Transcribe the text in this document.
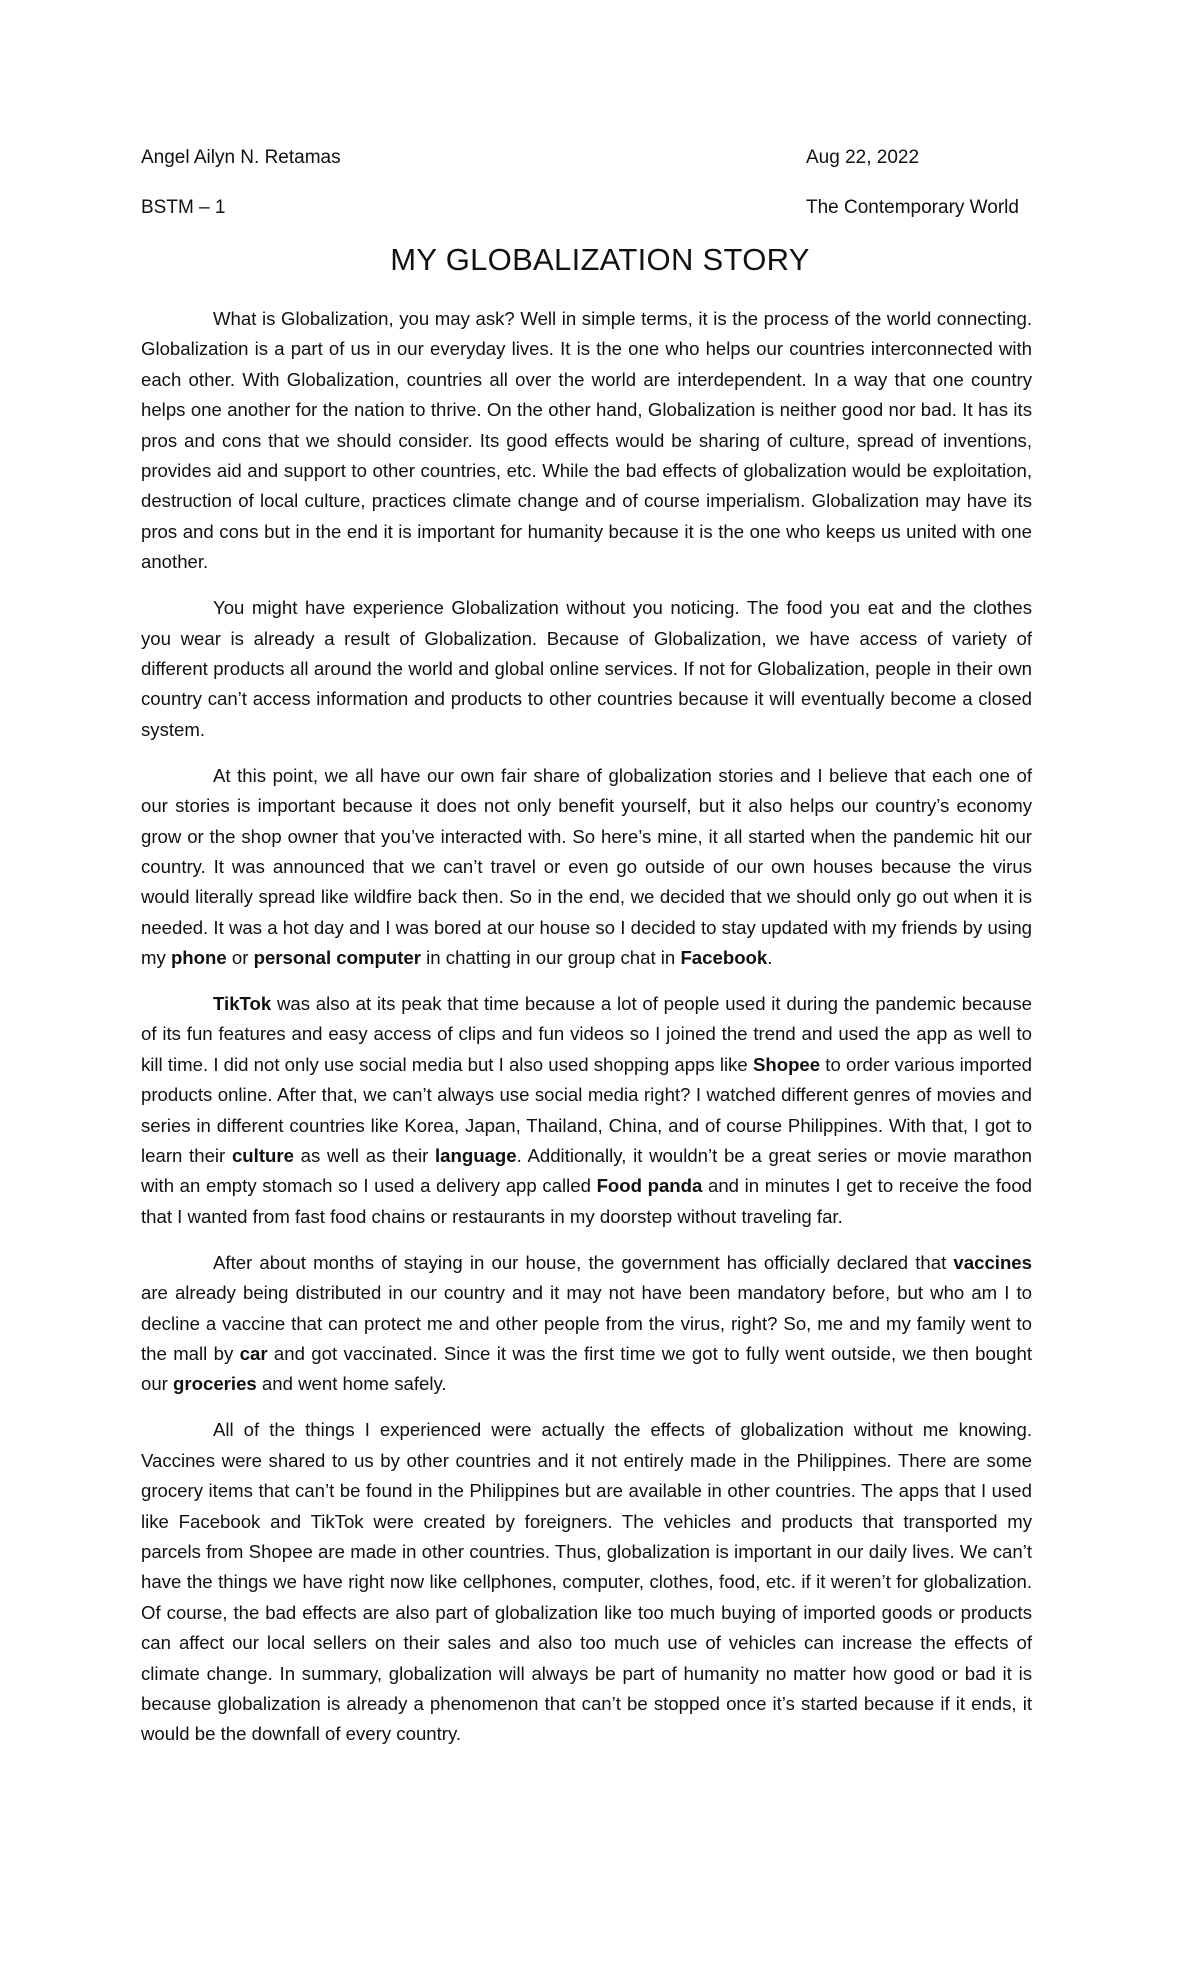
Angel Ailyn N. Retamas	Aug 22, 2022
BSTM – 1	The Contemporary World
MY GLOBALIZATION STORY

What is Globalization, you may ask? Well in simple terms, it is the process of the world connecting. Globalization is a part of us in our everyday lives. It is the one who helps our countries interconnected with each other. With Globalization, countries all over the world are interdependent. In a way that one country helps one another for the nation to thrive. On the other hand, Globalization is neither good nor bad. It has its pros and cons that we should consider. Its good effects would be sharing of culture, spread of inventions, provides aid and support to other countries, etc. While the bad effects of globalization would be exploitation, destruction of local culture, practices climate change and of course imperialism. Globalization may have its pros and cons but in the end it is important for humanity because it is the one who keeps us united with one another.

You might have experience Globalization without you noticing. The food you eat and the clothes you wear is already a result of Globalization. Because of Globalization, we have access of variety of different products all around the world and global online services. If not for Globalization, people in their own country can’t access information and products to other countries because it will eventually become a closed system.

At this point, we all have our own fair share of globalization stories and I believe that each one of our stories is important because it does not only benefit yourself, but it also helps our country’s economy grow or the shop owner that you’ve interacted with. So here’s mine, it all started when the pandemic hit our country. It was announced that we can’t travel or even go outside of our own houses because the virus would literally spread like wildfire back then. So in the end, we decided that we should only go out when it is needed. It was a hot day and I was bored at our house so I decided to stay updated with my friends by using my phone or personal computer in chatting in our group chat in Facebook.

TikTok was also at its peak that time because a lot of people used it during the pandemic because of its fun features and easy access of clips and fun videos so I joined the trend and used the app as well to kill time. I did not only use social media but I also used shopping apps like Shopee to order various imported products online. After that, we can’t always use social media right? I watched different genres of movies and series in different countries like Korea, Japan, Thailand, China, and of course Philippines. With that, I got to learn their culture as well as their language. Additionally, it wouldn’t be a great series or movie marathon with an empty stomach so I used a delivery app called Food panda and in minutes I get to receive the food that I wanted from fast food chains or restaurants in my doorstep without traveling far.

After about months of staying in our house, the government has officially declared that vaccines are already being distributed in our country and it may not have been mandatory before, but who am I to decline a vaccine that can protect me and other people from the virus, right? So, me and my family went to the mall by car and got vaccinated. Since it was the first time we got to fully went outside, we then bought our groceries and went home safely.

All of the things I experienced were actually the effects of globalization without me knowing. Vaccines were shared to us by other countries and it not entirely made in the Philippines. There are some grocery items that can’t be found in the Philippines but are available in other countries. The apps that I used like Facebook and TikTok were created by foreigners. The vehicles and products that transported my parcels from Shopee are made in other countries. Thus, globalization is important in our daily lives. We can’t have the things we have right now like cellphones, computer, clothes, food, etc. if it weren’t for globalization. Of course, the bad effects are also part of globalization like too much buying of imported goods or products can affect our local sellers on their sales and also too much use of vehicles can increase the effects of climate change. In summary, globalization will always be part of humanity no matter how good or bad it is because globalization is already a phenomenon that can’t be stopped once it’s started because if it ends, it would be the downfall of every country.
